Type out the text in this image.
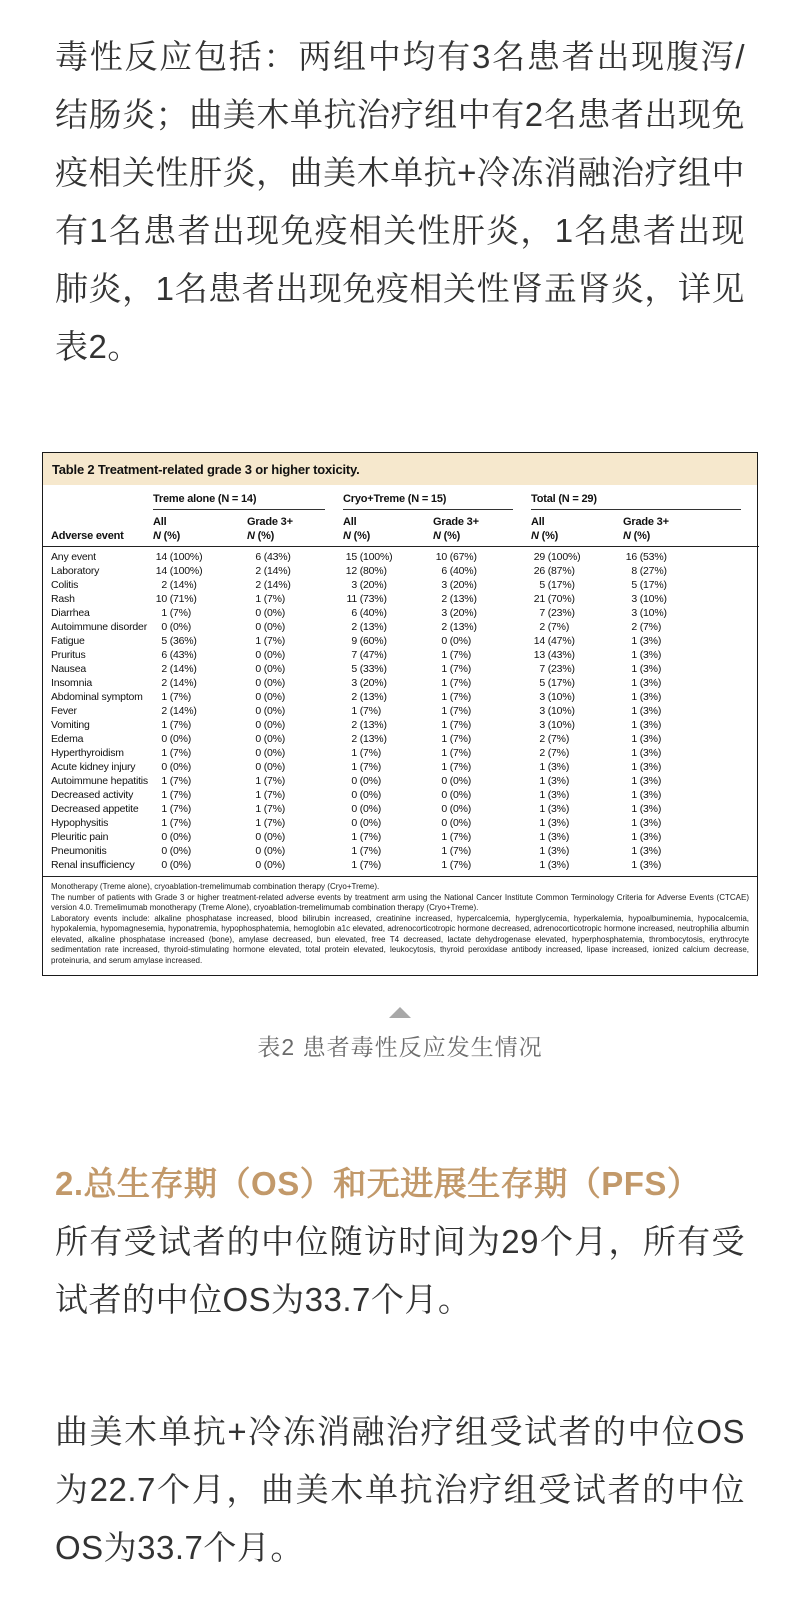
毒性反应包括：两组中均有3名患者出现腹泻/结肠炎；曲美木单抗治疗组中有2名患者出现免疫相关性肝炎，曲美木单抗+冷冻消融治疗组中有1名患者出现免疫相关性肝炎，1名患者出现肺炎，1名患者出现免疫相关性肾盂肾炎，详见表2。

Table 2 Treatment-related grade 3 or higher toxicity.

	Treme alone (N = 14)		Cryo+Treme (N = 15)		Total (N = 29)	

	All	Grade 3+	All	Grade 3+	All	Grade 3+
Adverse event	N (%)	N (%)	N (%)	N (%)	N (%)	N (%)
Any event	14 (100%)	6 (43%)	15 (100%)	10 (67%)	29 (100%)	16 (53%)
Laboratory	14 (100%)	2 (14%)	12 (80%)	6 (40%)	26 (87%)	8 (27%)
Colitis	2 (14%)	2 (14%)	3 (20%)	3 (20%)	5 (17%)	5 (17%)
Rash	10 (71%)	1 (7%)	11 (73%)	2 (13%)	21 (70%)	3 (10%)
Diarrhea	1 (7%)	0 (0%)	6 (40%)	3 (20%)	7 (23%)	3 (10%)
Autoimmune disorder	0 (0%)	0 (0%)	2 (13%)	2 (13%)	2 (7%)	2 (7%)
Fatigue	5 (36%)	1 (7%)	9 (60%)	0 (0%)	14 (47%)	1 (3%)
Pruritus	6 (43%)	0 (0%)	7 (47%)	1 (7%)	13 (43%)	1 (3%)
Nausea	2 (14%)	0 (0%)	5 (33%)	1 (7%)	7 (23%)	1 (3%)
Insomnia	2 (14%)	0 (0%)	3 (20%)	1 (7%)	5 (17%)	1 (3%)
Abdominal symptom	1 (7%)	0 (0%)	2 (13%)	1 (7%)	3 (10%)	1 (3%)
Fever	2 (14%)	0 (0%)	1 (7%)	1 (7%)	3 (10%)	1 (3%)
Vomiting	1 (7%)	0 (0%)	2 (13%)	1 (7%)	3 (10%)	1 (3%)
Edema	0 (0%)	0 (0%)	2 (13%)	1 (7%)	2 (7%)	1 (3%)
Hyperthyroidism	1 (7%)	0 (0%)	1 (7%)	1 (7%)	2 (7%)	1 (3%)
Acute kidney injury	0 (0%)	0 (0%)	1 (7%)	1 (7%)	1 (3%)	1 (3%)
Autoimmune hepatitis	1 (7%)	1 (7%)	0 (0%)	0 (0%)	1 (3%)	1 (3%)
Decreased activity	1 (7%)	1 (7%)	0 (0%)	0 (0%)	1 (3%)	1 (3%)
Decreased appetite	1 (7%)	1 (7%)	0 (0%)	0 (0%)	1 (3%)	1 (3%)
Hypophysitis	1 (7%)	1 (7%)	0 (0%)	0 (0%)	1 (3%)	1 (3%)
Pleuritic pain	0 (0%)	0 (0%)	1 (7%)	1 (7%)	1 (3%)	1 (3%)
Pneumonitis	0 (0%)	0 (0%)	1 (7%)	1 (7%)	1 (3%)	1 (3%)
Renal insufficiency	0 (0%)	0 (0%)	1 (7%)	1 (7%)	1 (3%)	1 (3%)

Monotherapy (Treme alone), cryoablation-tremelimumab combination therapy (Cryo+Treme).

The number of patients with Grade 3 or higher treatment-related adverse events by treatment arm using the National Cancer Institute Common Terminology Criteria for Adverse Events (CTCAE) version 4.0. Tremelimumab monotherapy (Treme Alone), cryoablation-tremelimumab combination therapy (Cryo+Treme).

Laboratory events include: alkaline phosphatase increased, blood bilirubin increased, creatinine increased, hypercalcemia, hyperglycemia, hyperkalemia, hypoalbuminemia, hypocalcemia, hypokalemia, hypomagnesemia, hyponatremia, hypophosphatemia, hemoglobin a1c elevated, adrenocorticotropic hormone decreased, adrenocorticotropic hormone increased, neutrophilia albumin elevated, alkaline phosphatase increased (bone), amylase decreased, bun elevated, free T4 decreased, lactate dehydrogenase elevated, hyperphosphatemia, thrombocytosis, erythrocyte sedimentation rate increased, thyroid-stimulating hormone elevated, total protein elevated, leukocytosis, thyroid peroxidase antibody increased, lipase increased, ionized calcium decrease, proteinuria, and serum amylase increased.

表2 患者毒性反应发生情况
2.总生存期（OS）和无进展生存期（PFS）

所有受试者的中位随访时间为29个月，所有受试者的中位OS为33.7个月。

曲美木单抗+冷冻消融治疗组受试者的中位OS为22.7个月，曲美木单抗治疗组受试者的中位OS为33.7个月。
